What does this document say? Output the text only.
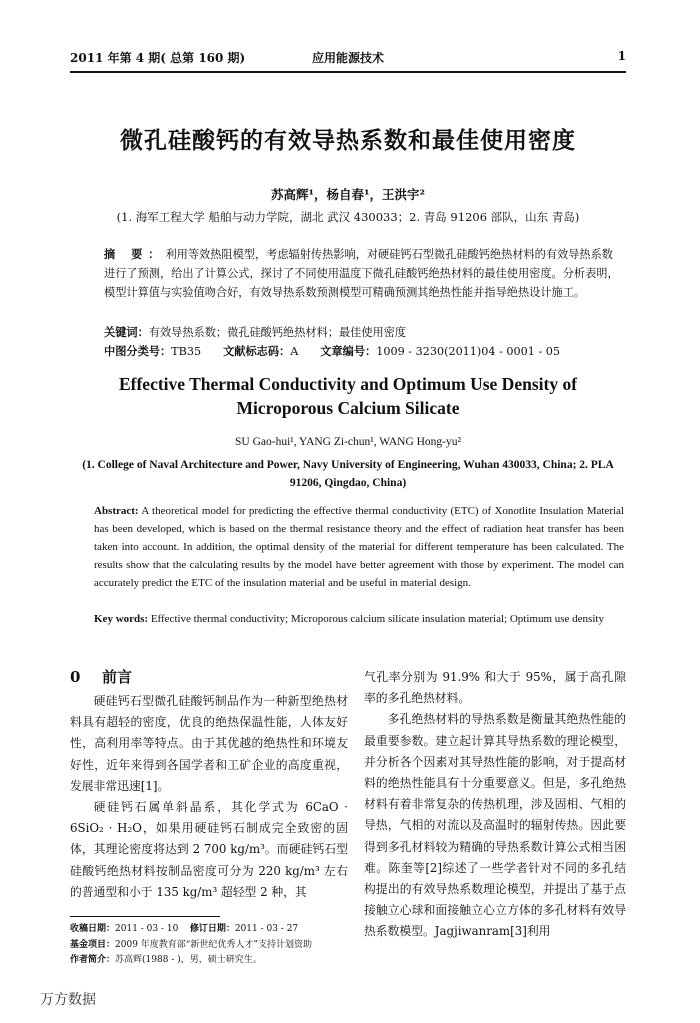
2011 年第 4 期( 总第 160 期)	应用能源技术	1
微孔硅酸钙的有效导热系数和最佳使用密度
苏高辉¹，杨自春¹，王洪宇²
(1. 海军工程大学 船舶与动力学院，湖北 武汉 430033；2. 青岛 91206 部队，山东 青岛)
摘 要：利用等效热阻模型，考虑辐射传热影响，对硬硅钙石型微孔硅酸钙绝热材料的有效导热系数进行了预测，给出了计算公式，探讨了不同使用温度下微孔硅酸钙绝热材料的最佳使用密度。分析表明，模型计算值与实验值吻合好，有效导热系数预测模型可精确预测其绝热性能并指导绝热设计施工。
关键词：有效导热系数；微孔硅酸钙绝热材料；最佳使用密度
中图分类号：TB35 文献标志码：A 文章编号：1009 - 3230(2011)04 - 0001 - 05
Effective Thermal Conductivity and Optimum Use Density of Microporous Calcium Silicate
SU Gao-hui¹, YANG Zi-chun¹, WANG Hong-yu²
(1. College of Naval Architecture and Power, Navy University of Engineering, Wuhan 430033, China; 2. PLA 91206, Qingdao, China)
Abstract: A theoretical model for predicting the effective thermal conductivity (ETC) of Xonotlite Insulation Material has been developed, which is based on the thermal resistance theory and the effect of radiation heat transfer has been taken into account. In addition, the optimal density of the material for different temperature has been calculated. The results show that the calculating results by the model have better agreement with those by experiment. The model can accurately predict the ETC of the insulation material and be useful in material design.
Key words: Effective thermal conductivity; Microporous calcium silicate insulation material; Optimum use density
0 前言

硬硅钙石型微孔硅酸钙制品作为一种新型绝热材料具有超轻的密度，优良的绝热保温性能，人体友好性，高利用率等特点。由于其优越的绝热性和环境友好性，近年来得到各国学者和工矿企业的高度重视，发展非常迅速[1]。

硬硅钙石属单斜晶系，其化学式为 6CaO · 6SiO₂ · H₂O，如果用硬硅钙石制成完全致密的固体，其理论密度将达到 2 700 kg/m³。而硬硅钙石型硅酸钙绝热材料按制品密度可分为 220 kg/m³ 左右的普通型和小于 135 kg/m³ 超轻型 2 种，其

气孔率分别为 91.9% 和大于 95%，属于高孔隙率的多孔绝热材料。

多孔绝热材料的导热系数是衡量其绝热性能的最重要参数。建立起计算其导热系数的理论模型，并分析各个因素对其导热性能的影响，对于提高材料的绝热性能具有十分重要意义。但是，多孔绝热材料有着非常复杂的传热机理，涉及固相、气相的导热，气相的对流以及高温时的辐射传热。因此要得到多孔材料较为精确的导热系数计算公式相当困难。陈奎等[2]综述了一些学者针对不同的多孔结构提出的有效导热系数理论模型，并提出了基于点接触立心球和面接触立心立方体的多孔材料有效导热系数模型。Jagjiwanram[3]利用

收稿日期：2011 - 03 - 10 修订日期：2011 - 03 - 27
基金项目：2009 年度教育部“新世纪优秀人才”支持计划资助
作者简介：苏高辉(1988 - )，男，硕士研究生。
万方数据
